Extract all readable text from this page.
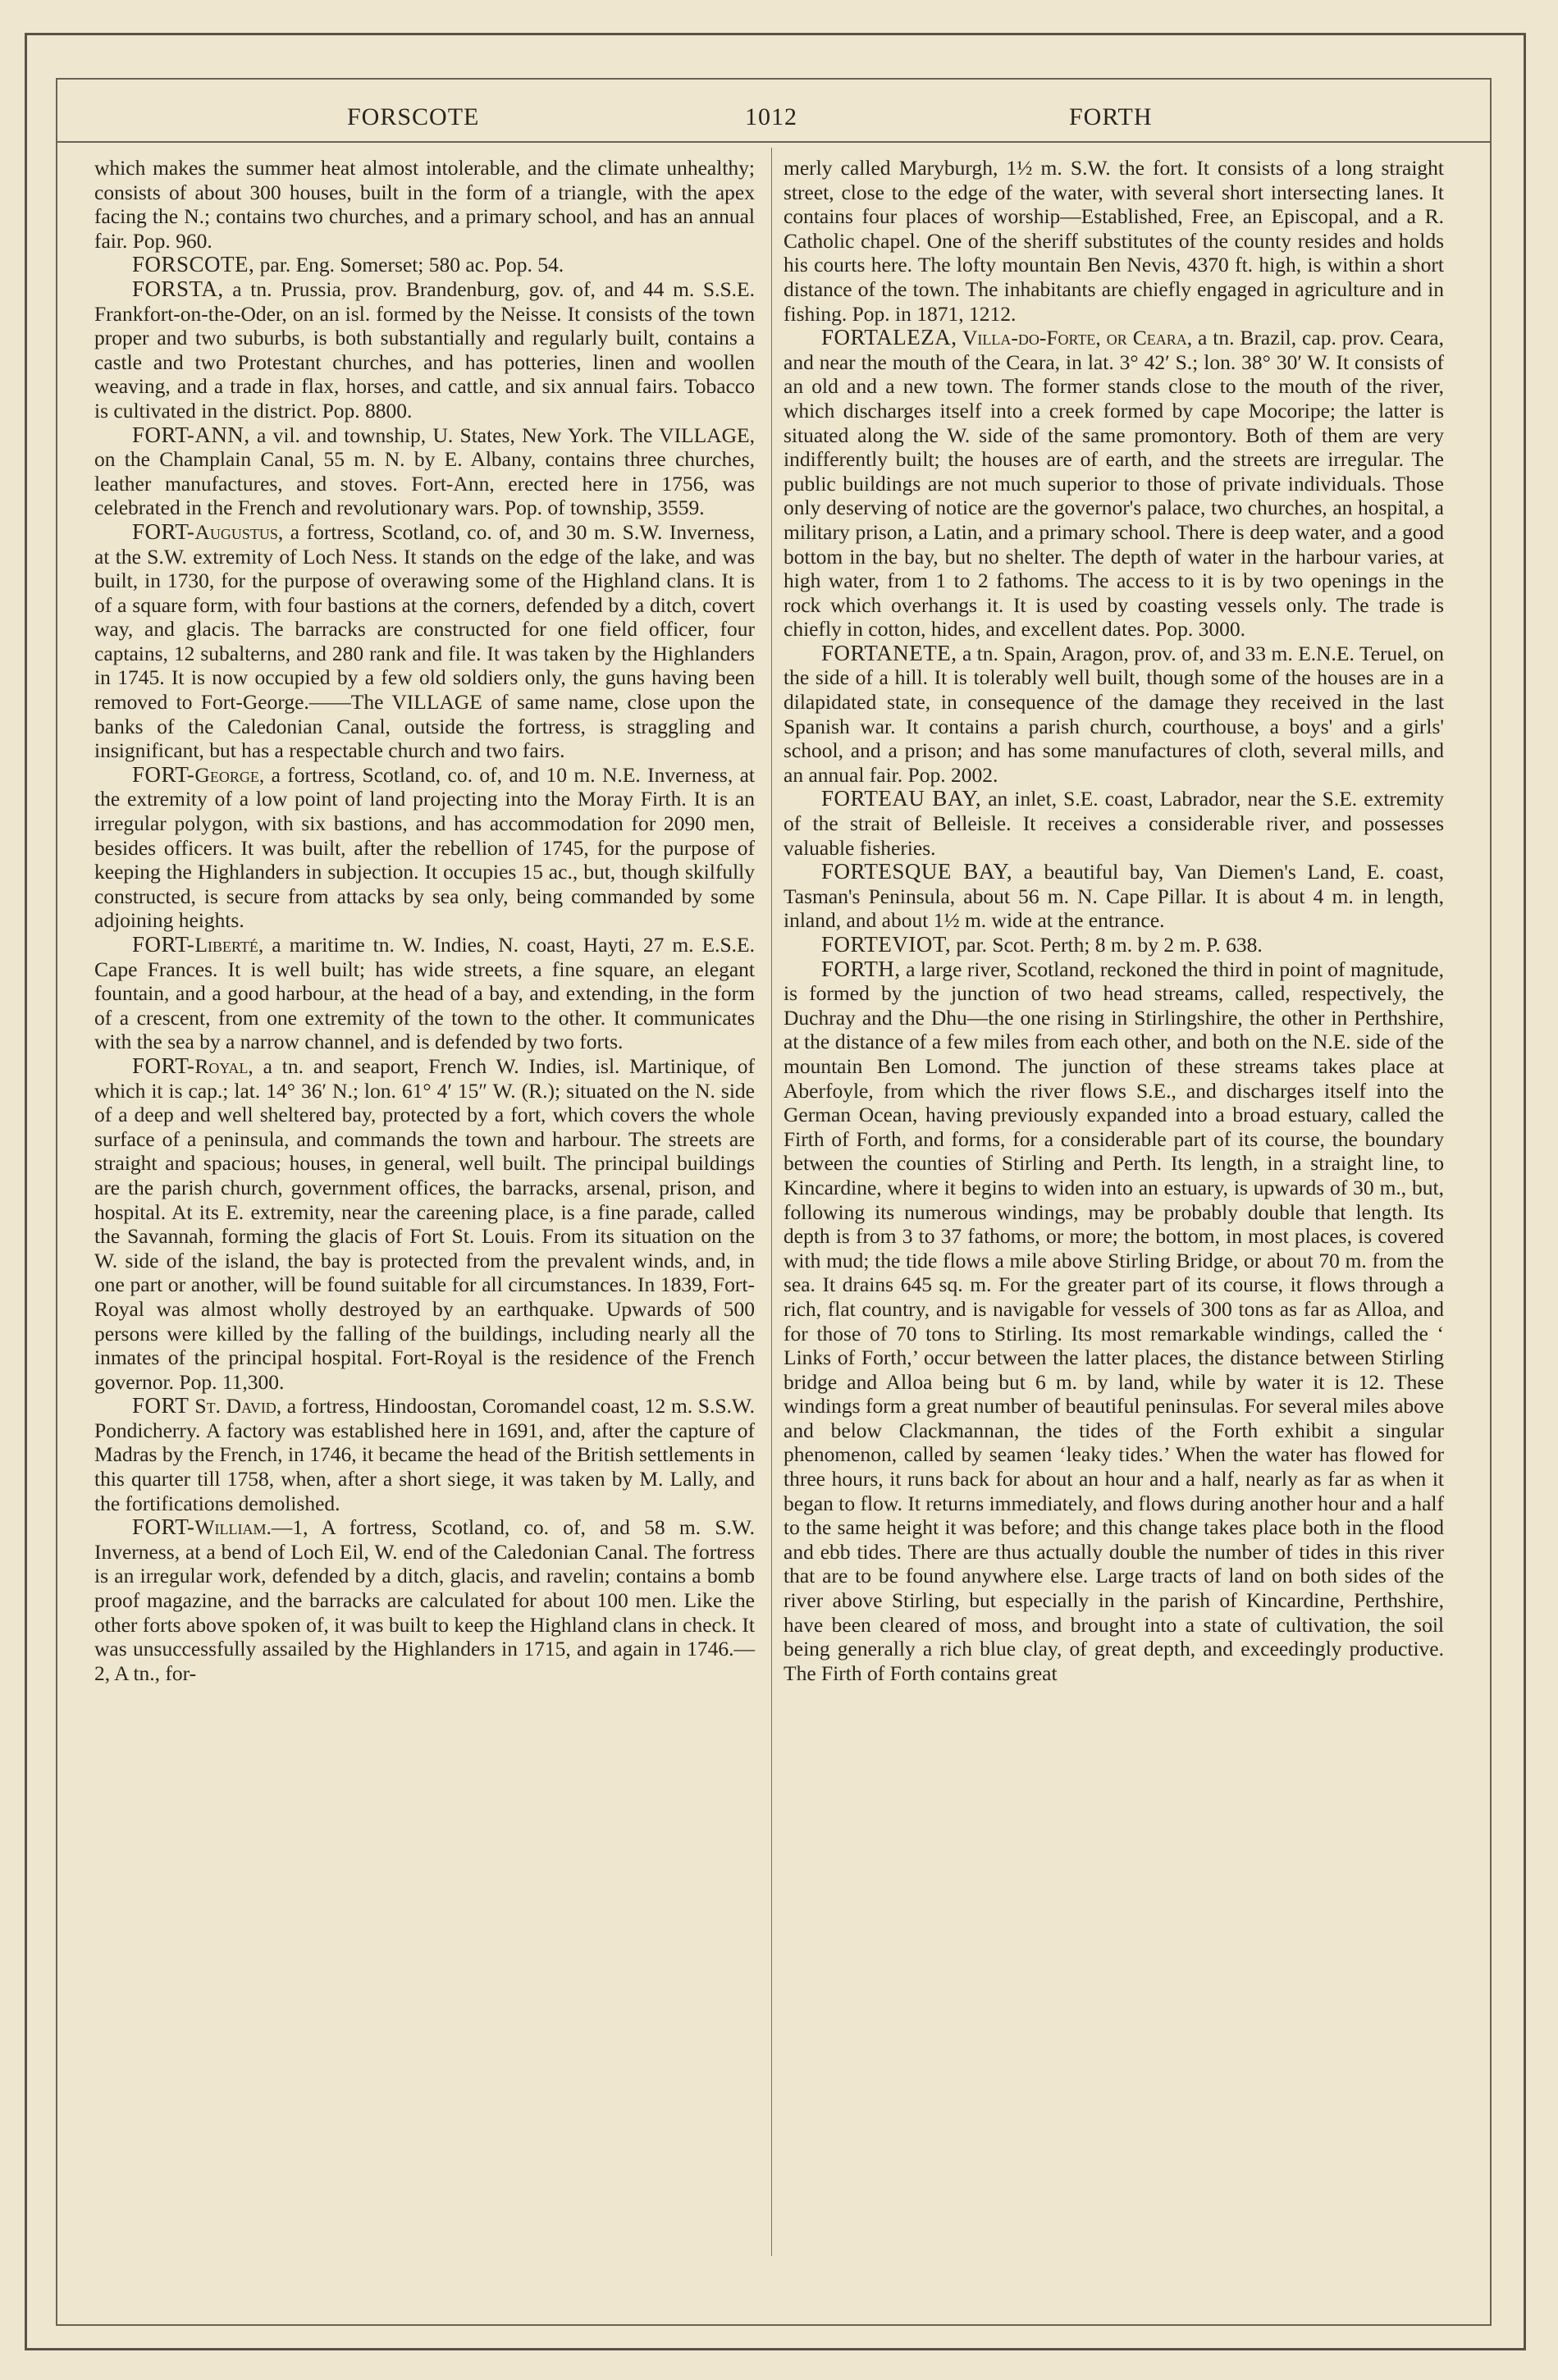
FORSCOTE	1012	FORTH

which makes the summer heat almost intolerable, and the climate unhealthy; consists of about 300 houses, built in the form of a triangle, with the apex facing the N.; contains two churches, and a primary school, and has an annual fair. Pop. 960.

FORSCOTE, par. Eng. Somerset; 580 ac. Pop. 54.

FORSTA, a tn. Prussia, prov. Brandenburg, gov. of, and 44 m. S.S.E. Frankfort-on-the-Oder, on an isl. formed by the Neisse. It consists of the town proper and two suburbs, is both substantially and regularly built, contains a castle and two Protestant churches, and has potteries, linen and woollen weaving, and a trade in flax, horses, and cattle, and six annual fairs. Tobacco is cultivated in the district. Pop. 8800.

FORT-ANN, a vil. and township, U. States, New York. The VILLAGE, on the Champlain Canal, 55 m. N. by E. Albany, contains three churches, leather manufactures, and stoves. Fort-Ann, erected here in 1756, was celebrated in the French and revolutionary wars. Pop. of township, 3559.

FORT-Augustus, a fortress, Scotland, co. of, and 30 m. S.W. Inverness, at the S.W. extremity of Loch Ness. It stands on the edge of the lake, and was built, in 1730, for the purpose of overawing some of the Highland clans. It is of a square form, with four bastions at the corners, defended by a ditch, covert way, and glacis. The barracks are constructed for one field officer, four captains, 12 subalterns, and 280 rank and file. It was taken by the Highlanders in 1745. It is now occupied by a few old soldiers only, the guns having been removed to Fort-George.——The VILLAGE of same name, close upon the banks of the Caledonian Canal, outside the fortress, is straggling and insignificant, but has a respectable church and two fairs.

FORT-George, a fortress, Scotland, co. of, and 10 m. N.E. Inverness, at the extremity of a low point of land projecting into the Moray Firth. It is an irregular polygon, with six bastions, and has accommodation for 2090 men, besides officers. It was built, after the rebellion of 1745, for the purpose of keeping the Highlanders in subjection. It occupies 15 ac., but, though skilfully constructed, is secure from attacks by sea only, being commanded by some adjoining heights.

FORT-Liberté, a maritime tn. W. Indies, N. coast, Hayti, 27 m. E.S.E. Cape Frances. It is well built; has wide streets, a fine square, an elegant fountain, and a good harbour, at the head of a bay, and extending, in the form of a crescent, from one extremity of the town to the other. It communicates with the sea by a narrow channel, and is defended by two forts.

FORT-Royal, a tn. and seaport, French W. Indies, isl. Martinique, of which it is cap.; lat. 14° 36′ N.; lon. 61° 4′ 15″ W. (R.); situated on the N. side of a deep and well sheltered bay, protected by a fort, which covers the whole surface of a peninsula, and commands the town and harbour. The streets are straight and spacious; houses, in general, well built. The principal buildings are the parish church, government offices, the barracks, arsenal, prison, and hospital. At its E. extremity, near the careening place, is a fine parade, called the Savannah, forming the glacis of Fort St. Louis. From its situation on the W. side of the island, the bay is protected from the prevalent winds, and, in one part or another, will be found suitable for all circumstances. In 1839, Fort-Royal was almost wholly destroyed by an earthquake. Upwards of 500 persons were killed by the falling of the buildings, including nearly all the inmates of the principal hospital. Fort-Royal is the residence of the French governor. Pop. 11,300.

FORT St. David, a fortress, Hindoostan, Coromandel coast, 12 m. S.S.W. Pondicherry. A factory was established here in 1691, and, after the capture of Madras by the French, in 1746, it became the head of the British settlements in this quarter till 1758, when, after a short siege, it was taken by M. Lally, and the fortifications demolished.

FORT-William.—1, A fortress, Scotland, co. of, and 58 m. S.W. Inverness, at a bend of Loch Eil, W. end of the Caledonian Canal. The fortress is an irregular work, defended by a ditch, glacis, and ravelin; contains a bomb proof magazine, and the barracks are calculated for about 100 men. Like the other forts above spoken of, it was built to keep the Highland clans in check. It was unsuccessfully assailed by the Highlanders in 1715, and again in 1746.—2, A tn., for-

merly called Maryburgh, 1½ m. S.W. the fort. It consists of a long straight street, close to the edge of the water, with several short intersecting lanes. It contains four places of worship—Established, Free, an Episcopal, and a R. Catholic chapel. One of the sheriff substitutes of the county resides and holds his courts here. The lofty mountain Ben Nevis, 4370 ft. high, is within a short distance of the town. The inhabitants are chiefly engaged in agriculture and in fishing. Pop. in 1871, 1212.

FORTALEZA, Villa-do-Forte, or Ceara, a tn. Brazil, cap. prov. Ceara, and near the mouth of the Ceara, in lat. 3° 42′ S.; lon. 38° 30′ W. It consists of an old and a new town. The former stands close to the mouth of the river, which discharges itself into a creek formed by cape Mocoripe; the latter is situated along the W. side of the same promontory. Both of them are very indifferently built; the houses are of earth, and the streets are irregular. The public buildings are not much superior to those of private individuals. Those only deserving of notice are the governor's palace, two churches, an hospital, a military prison, a Latin, and a primary school. There is deep water, and a good bottom in the bay, but no shelter. The depth of water in the harbour varies, at high water, from 1 to 2 fathoms. The access to it is by two openings in the rock which overhangs it. It is used by coasting vessels only. The trade is chiefly in cotton, hides, and excellent dates. Pop. 3000.

FORTANETE, a tn. Spain, Aragon, prov. of, and 33 m. E.N.E. Teruel, on the side of a hill. It is tolerably well built, though some of the houses are in a dilapidated state, in consequence of the damage they received in the last Spanish war. It contains a parish church, courthouse, a boys' and a girls' school, and a prison; and has some manufactures of cloth, several mills, and an annual fair. Pop. 2002.

FORTEAU BAY, an inlet, S.E. coast, Labrador, near the S.E. extremity of the strait of Belleisle. It receives a considerable river, and possesses valuable fisheries.

FORTESQUE BAY, a beautiful bay, Van Diemen's Land, E. coast, Tasman's Peninsula, about 56 m. N. Cape Pillar. It is about 4 m. in length, inland, and about 1½ m. wide at the entrance.

FORTEVIOT, par. Scot. Perth; 8 m. by 2 m. P. 638.

FORTH, a large river, Scotland, reckoned the third in point of magnitude, is formed by the junction of two head streams, called, respectively, the Duchray and the Dhu—the one rising in Stirlingshire, the other in Perthshire, at the distance of a few miles from each other, and both on the N.E. side of the mountain Ben Lomond. The junction of these streams takes place at Aberfoyle, from which the river flows S.E., and discharges itself into the German Ocean, having previously expanded into a broad estuary, called the Firth of Forth, and forms, for a considerable part of its course, the boundary between the counties of Stirling and Perth. Its length, in a straight line, to Kincardine, where it begins to widen into an estuary, is upwards of 30 m., but, following its numerous windings, may be probably double that length. Its depth is from 3 to 37 fathoms, or more; the bottom, in most places, is covered with mud; the tide flows a mile above Stirling Bridge, or about 70 m. from the sea. It drains 645 sq. m. For the greater part of its course, it flows through a rich, flat country, and is navigable for vessels of 300 tons as far as Alloa, and for those of 70 tons to Stirling. Its most remarkable windings, called the ‘ Links of Forth,’ occur between the latter places, the distance between Stirling bridge and Alloa being but 6 m. by land, while by water it is 12. These windings form a great number of beautiful peninsulas. For several miles above and below Clackmannan, the tides of the Forth exhibit a singular phenomenon, called by seamen ‘leaky tides.’ When the water has flowed for three hours, it runs back for about an hour and a half, nearly as far as when it began to flow. It returns immediately, and flows during another hour and a half to the same height it was before; and this change takes place both in the flood and ebb tides. There are thus actually double the number of tides in this river that are to be found anywhere else. Large tracts of land on both sides of the river above Stirling, but especially in the parish of Kincardine, Perthshire, have been cleared of moss, and brought into a state of cultivation, the soil being generally a rich blue clay, of great depth, and exceedingly productive. The Firth of Forth contains great
